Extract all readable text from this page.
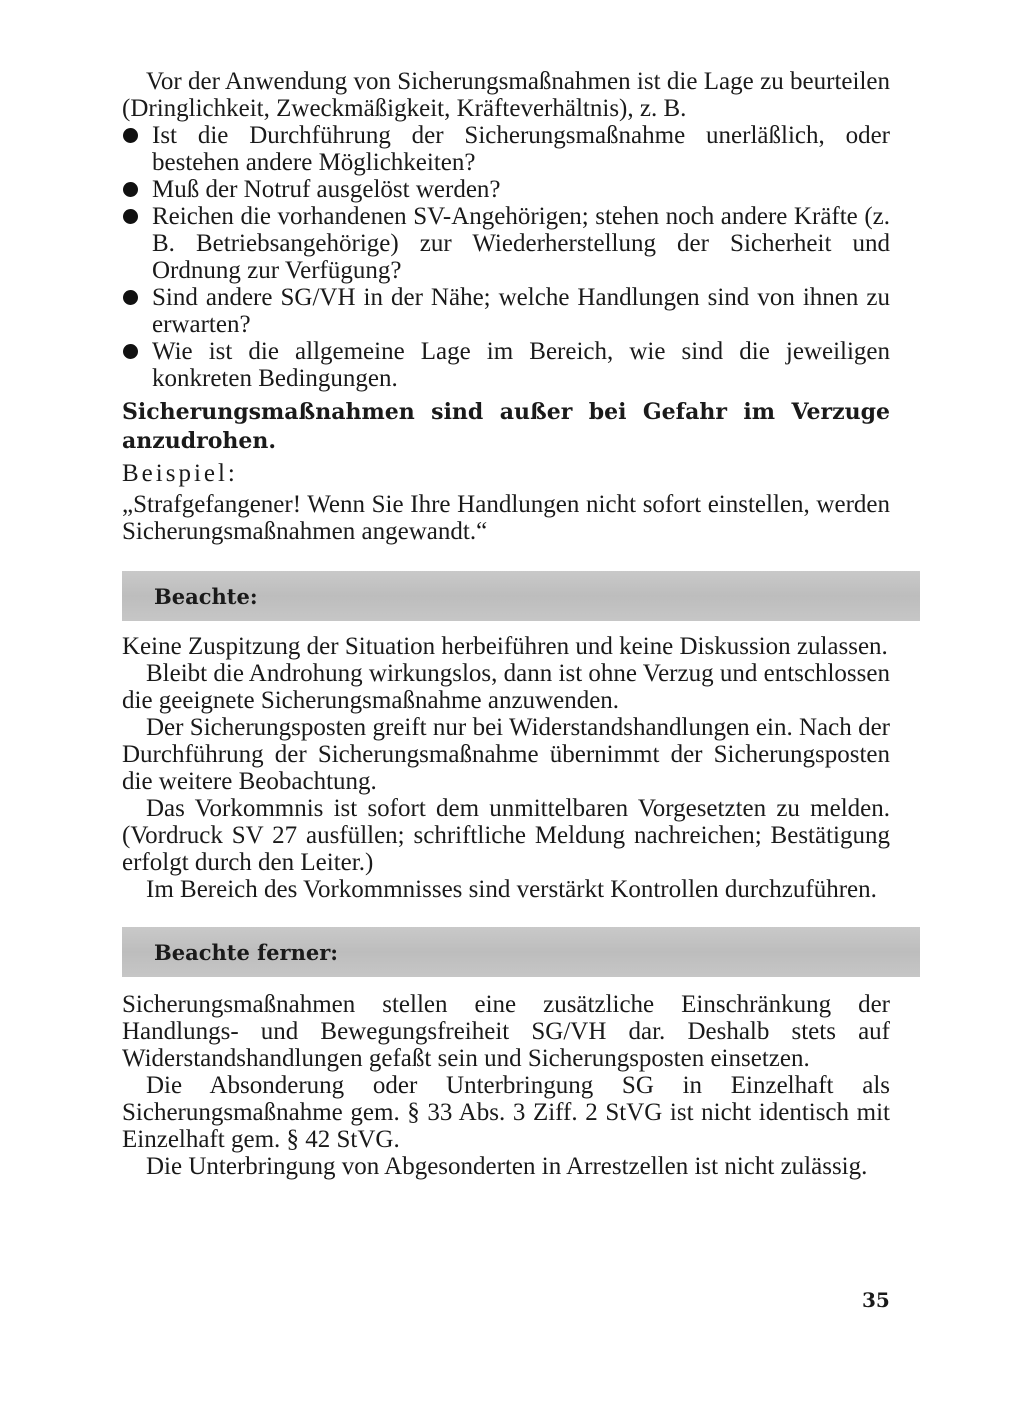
Vor der Anwendung von Sicherungsmaßnahmen ist die Lage zu beurteilen (Dringlichkeit, Zweckmäßigkeit, Kräfteverhältnis), z. B.

Ist die Durchführung der Sicherungsmaßnahme unerläßlich, oder bestehen andere Möglichkeiten?
Muß der Notruf ausgelöst werden?
Reichen die vorhandenen SV-Angehörigen; stehen noch andere Kräfte (z. B. Betriebsangehörige) zur Wiederherstellung der Sicherheit und Ordnung zur Verfügung?
Sind andere SG/VH in der Nähe; welche Handlungen sind von ihnen zu erwarten?
Wie ist die allgemeine Lage im Bereich, wie sind die jeweiligen konkreten Bedingungen.

Sicherungsmaßnahmen sind außer bei Gefahr im Verzuge anzudrohen.

Beispiel:

„Strafgefangener! Wenn Sie Ihre Handlungen nicht sofort einstellen, werden Sicherungsmaßnahmen angewandt.“

Beachte:

Keine Zuspitzung der Situation herbeiführen und keine Diskussion zulassen.

Bleibt die Androhung wirkungslos, dann ist ohne Verzug und entschlossen die geeignete Sicherungsmaßnahme anzuwenden.

Der Sicherungsposten greift nur bei Widerstandshandlungen ein. Nach der Durchführung der Sicherungsmaßnahme übernimmt der Sicherungsposten die weitere Beobachtung.

Das Vorkommnis ist sofort dem unmittelbaren Vorgesetzten zu melden. (Vordruck SV 27 ausfüllen; schriftliche Meldung nachreichen; Bestätigung erfolgt durch den Leiter.)

Im Bereich des Vorkommnisses sind verstärkt Kontrollen durchzuführen.

Beachte ferner:

Sicherungsmaßnahmen stellen eine zusätzliche Einschränkung der Handlungs- und Bewegungsfreiheit SG/VH dar. Deshalb stets auf Widerstandshandlungen gefaßt sein und Sicherungsposten einsetzen.

Die Absonderung oder Unterbringung SG in Einzelhaft als Sicherungsmaßnahme gem. § 33 Abs. 3 Ziff. 2 StVG ist nicht identisch mit Einzelhaft gem. § 42 StVG.

Die Unterbringung von Abgesonderten in Arrestzellen ist nicht zulässig.

35
